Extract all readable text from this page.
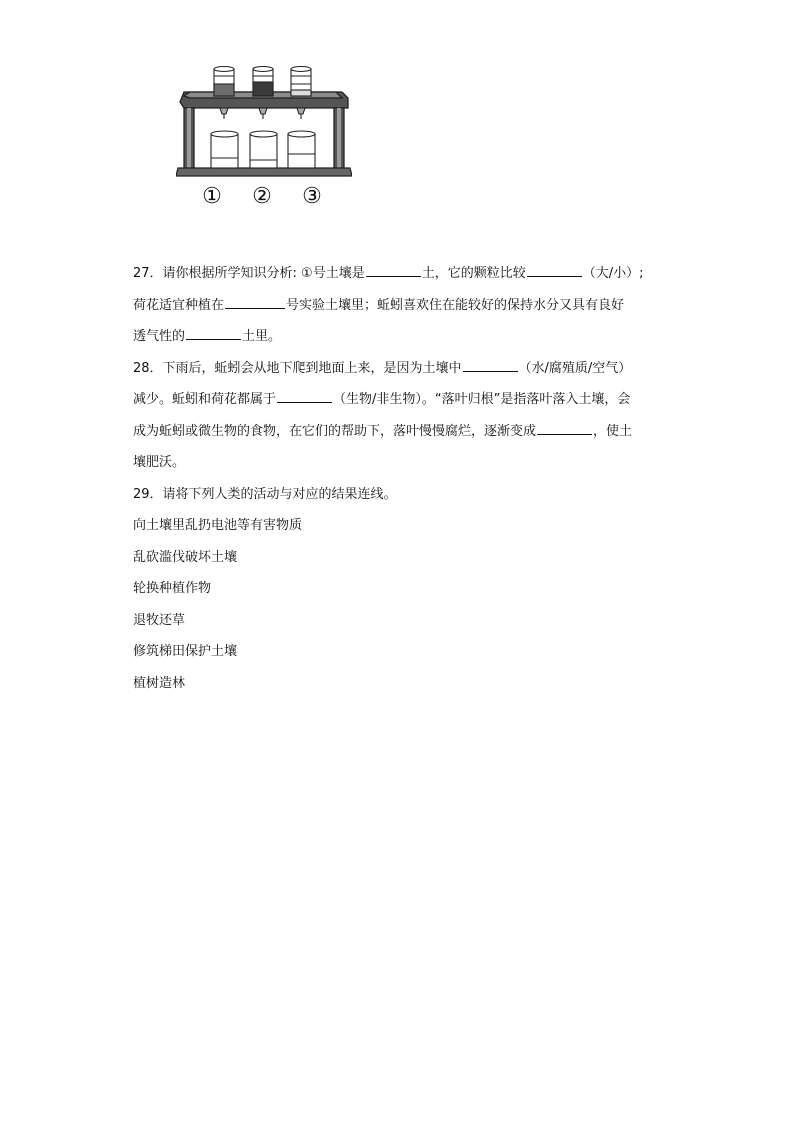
① ② ③
27．请你根据所学知识分析: ①号土壤是	土，它的颗粒比较	（大/小）;
荷花适宜种植在	号实验土壤里；蚯蚓喜欢住在能较好的保持水分又具有良好
透气性的	土里。
28．下雨后，蚯蚓会从地下爬到地面上来，是因为土壤中	（水/腐殖质/空气）
减少。蚯蚓和荷花都属于	（生物/非生物）。“落叶归根”是指落叶落入土壤，会
成为蚯蚓或微生物的食物，在它们的帮助下，落叶慢慢腐烂，逐渐变成	，使土
壤肥沃。
29．请将下列人类的活动与对应的结果连线。
向土壤里乱扔电池等有害物质
乱砍滥伐破坏土壤
轮换种植作物
退牧还草
修筑梯田保护土壤
植树造林
